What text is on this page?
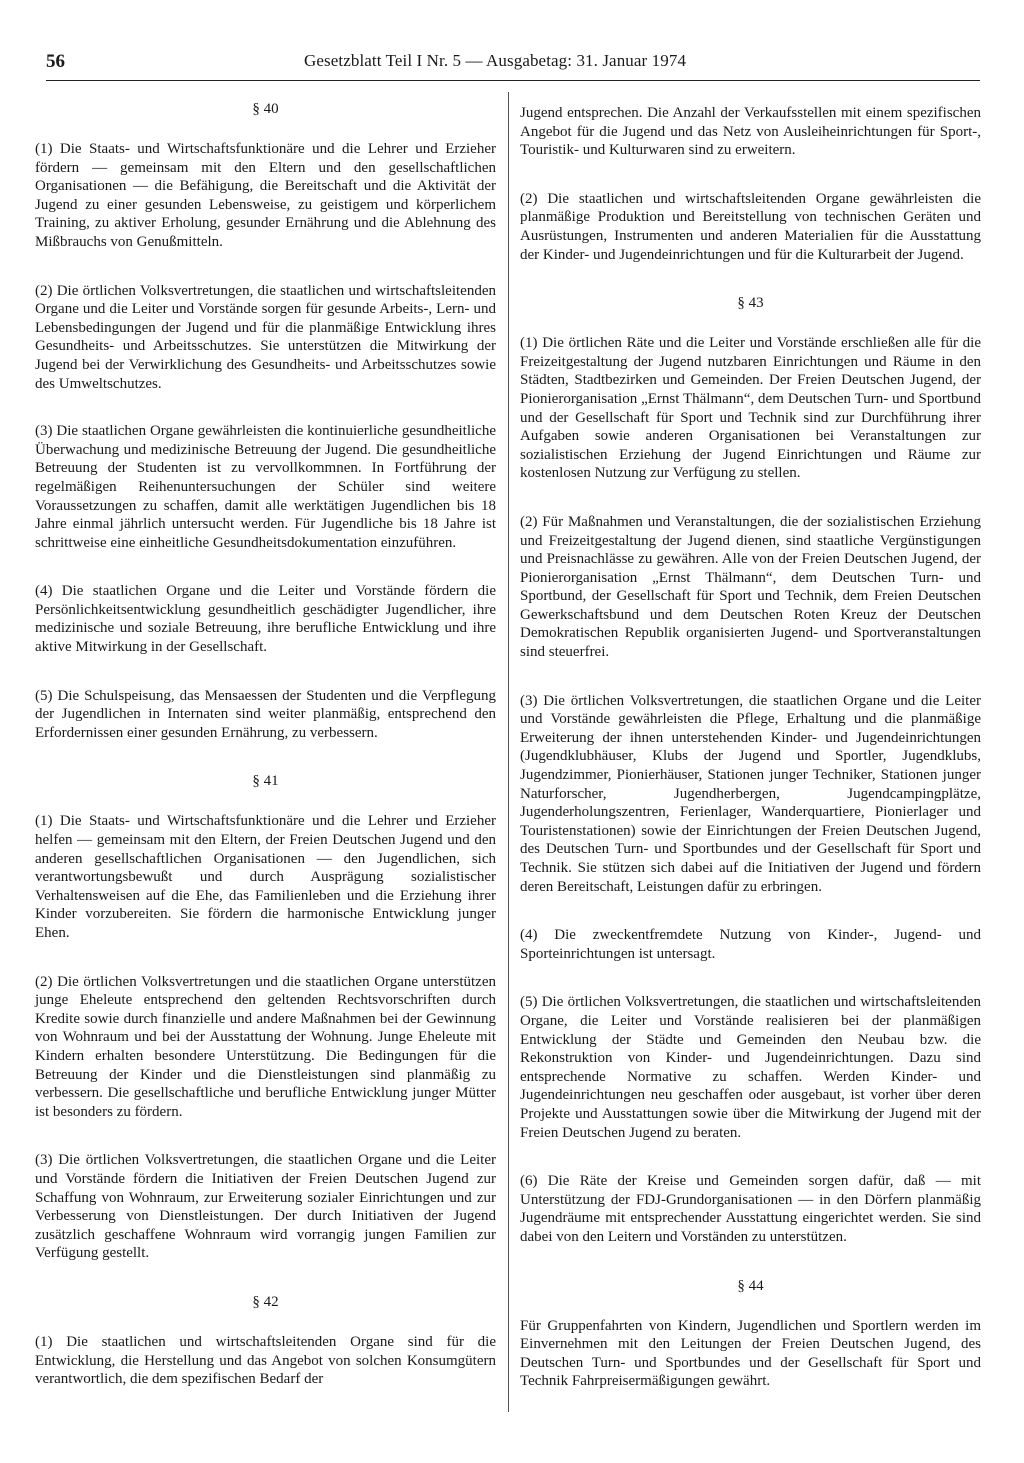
56	Gesetzblatt Teil I Nr. 5 — Ausgabetag: 31. Januar 1974

§ 40

(1) Die Staats- und Wirtschaftsfunktionäre und die Lehrer und Erzieher fördern — gemeinsam mit den Eltern und den gesellschaftlichen Organisationen — die Befähigung, die Bereitschaft und die Aktivität der Jugend zu einer gesunden Lebensweise, zu geistigem und körperlichem Training, zu aktiver Erholung, gesunder Ernährung und die Ablehnung des Mißbrauchs von Genußmitteln.

(2) Die örtlichen Volksvertretungen, die staatlichen und wirtschaftsleitenden Organe und die Leiter und Vorstände sorgen für gesunde Arbeits-, Lern- und Lebensbedingungen der Jugend und für die planmäßige Entwicklung ihres Gesundheits- und Arbeitsschutzes. Sie unterstützen die Mitwirkung der Jugend bei der Verwirklichung des Gesundheits- und Arbeitsschutzes sowie des Umweltschutzes.

(3) Die staatlichen Organe gewährleisten die kontinuierliche gesundheitliche Überwachung und medizinische Betreuung der Jugend. Die gesundheitliche Betreuung der Studenten ist zu vervollkommnen. In Fortführung der regelmäßigen Reihenuntersuchungen der Schüler sind weitere Voraussetzungen zu schaffen, damit alle werktätigen Jugendlichen bis 18 Jahre einmal jährlich untersucht werden. Für Jugendliche bis 18 Jahre ist schrittweise eine einheitliche Gesundheitsdokumentation einzuführen.

(4) Die staatlichen Organe und die Leiter und Vorstände fördern die Persönlichkeitsentwicklung gesundheitlich geschädigter Jugendlicher, ihre medizinische und soziale Betreuung, ihre berufliche Entwicklung und ihre aktive Mitwirkung in der Gesellschaft.

(5) Die Schulspeisung, das Mensaessen der Studenten und die Verpflegung der Jugendlichen in Internaten sind weiter planmäßig, entsprechend den Erfordernissen einer gesunden Ernährung, zu verbessern.

§ 41

(1) Die Staats- und Wirtschaftsfunktionäre und die Lehrer und Erzieher helfen — gemeinsam mit den Eltern, der Freien Deutschen Jugend und den anderen gesellschaftlichen Organisationen — den Jugendlichen, sich verantwortungsbewußt und durch Ausprägung sozialistischer Verhaltensweisen auf die Ehe, das Familienleben und die Erziehung ihrer Kinder vorzubereiten. Sie fördern die harmonische Entwicklung junger Ehen.

(2) Die örtlichen Volksvertretungen und die staatlichen Organe unterstützen junge Eheleute entsprechend den geltenden Rechtsvorschriften durch Kredite sowie durch finanzielle und andere Maßnahmen bei der Gewinnung von Wohnraum und bei der Ausstattung der Wohnung. Junge Eheleute mit Kindern erhalten besondere Unterstützung. Die Bedingungen für die Betreuung der Kinder und die Dienstleistungen sind planmäßig zu verbessern. Die gesellschaftliche und berufliche Entwicklung junger Mütter ist besonders zu fördern.

(3) Die örtlichen Volksvertretungen, die staatlichen Organe und die Leiter und Vorstände fördern die Initiativen der Freien Deutschen Jugend zur Schaffung von Wohnraum, zur Erweiterung sozialer Einrichtungen und zur Verbesserung von Dienstleistungen. Der durch Initiativen der Jugend zusätzlich geschaffene Wohnraum wird vorrangig jungen Familien zur Verfügung gestellt.

§ 42

(1) Die staatlichen und wirtschaftsleitenden Organe sind für die Entwicklung, die Herstellung und das Angebot von solchen Konsumgütern verantwortlich, die dem spezifischen Bedarf der

Jugend entsprechen. Die Anzahl der Verkaufsstellen mit einem spezifischen Angebot für die Jugend und das Netz von Ausleiheinrichtungen für Sport-, Touristik- und Kulturwaren sind zu erweitern.

(2) Die staatlichen und wirtschaftsleitenden Organe gewährleisten die planmäßige Produktion und Bereitstellung von technischen Geräten und Ausrüstungen, Instrumenten und anderen Materialien für die Ausstattung der Kinder- und Jugendeinrichtungen und für die Kulturarbeit der Jugend.

§ 43

(1) Die örtlichen Räte und die Leiter und Vorstände erschließen alle für die Freizeitgestaltung der Jugend nutzbaren Einrichtungen und Räume in den Städten, Stadtbezirken und Gemeinden. Der Freien Deutschen Jugend, der Pionierorganisation „Ernst Thälmann“, dem Deutschen Turn- und Sportbund und der Gesellschaft für Sport und Technik sind zur Durchführung ihrer Aufgaben sowie anderen Organisationen bei Veranstaltungen zur sozialistischen Erziehung der Jugend Einrichtungen und Räume zur kostenlosen Nutzung zur Verfügung zu stellen.

(2) Für Maßnahmen und Veranstaltungen, die der sozialistischen Erziehung und Freizeitgestaltung der Jugend dienen, sind staatliche Vergünstigungen und Preisnachlässe zu gewähren. Alle von der Freien Deutschen Jugend, der Pionierorganisation „Ernst Thälmann“, dem Deutschen Turn- und Sportbund, der Gesellschaft für Sport und Technik, dem Freien Deutschen Gewerkschaftsbund und dem Deutschen Roten Kreuz der Deutschen Demokratischen Republik organisierten Jugend- und Sportveranstaltungen sind steuerfrei.

(3) Die örtlichen Volksvertretungen, die staatlichen Organe und die Leiter und Vorstände gewährleisten die Pflege, Erhaltung und die planmäßige Erweiterung der ihnen unterstehenden Kinder- und Jugendeinrichtungen (Jugendklubhäuser, Klubs der Jugend und Sportler, Jugendklubs, Jugendzimmer, Pionierhäuser, Stationen junger Techniker, Stationen junger Naturforscher, Jugendherbergen, Jugendcampingplätze, Jugenderholungszentren, Ferienlager, Wanderquartiere, Pionierlager und Touristenstationen) sowie der Einrichtungen der Freien Deutschen Jugend, des Deutschen Turn- und Sportbundes und der Gesellschaft für Sport und Technik. Sie stützen sich dabei auf die Initiativen der Jugend und fördern deren Bereitschaft, Leistungen dafür zu erbringen.

(4) Die zweckentfremdete Nutzung von Kinder-, Jugend- und Sporteinrichtungen ist untersagt.

(5) Die örtlichen Volksvertretungen, die staatlichen und wirtschaftsleitenden Organe, die Leiter und Vorstände realisieren bei der planmäßigen Entwicklung der Städte und Gemeinden den Neubau bzw. die Rekonstruktion von Kinder- und Jugendeinrichtungen. Dazu sind entsprechende Normative zu schaffen. Werden Kinder- und Jugendeinrichtungen neu geschaffen oder ausgebaut, ist vorher über deren Projekte und Ausstattungen sowie über die Mitwirkung der Jugend mit der Freien Deutschen Jugend zu beraten.

(6) Die Räte der Kreise und Gemeinden sorgen dafür, daß — mit Unterstützung der FDJ-Grundorganisationen — in den Dörfern planmäßig Jugendräume mit entsprechender Ausstattung eingerichtet werden. Sie sind dabei von den Leitern und Vorständen zu unterstützen.

§ 44

Für Gruppenfahrten von Kindern, Jugendlichen und Sportlern werden im Einvernehmen mit den Leitungen der Freien Deutschen Jugend, des Deutschen Turn- und Sportbundes und der Gesellschaft für Sport und Technik Fahrpreisermäßigungen gewährt.
